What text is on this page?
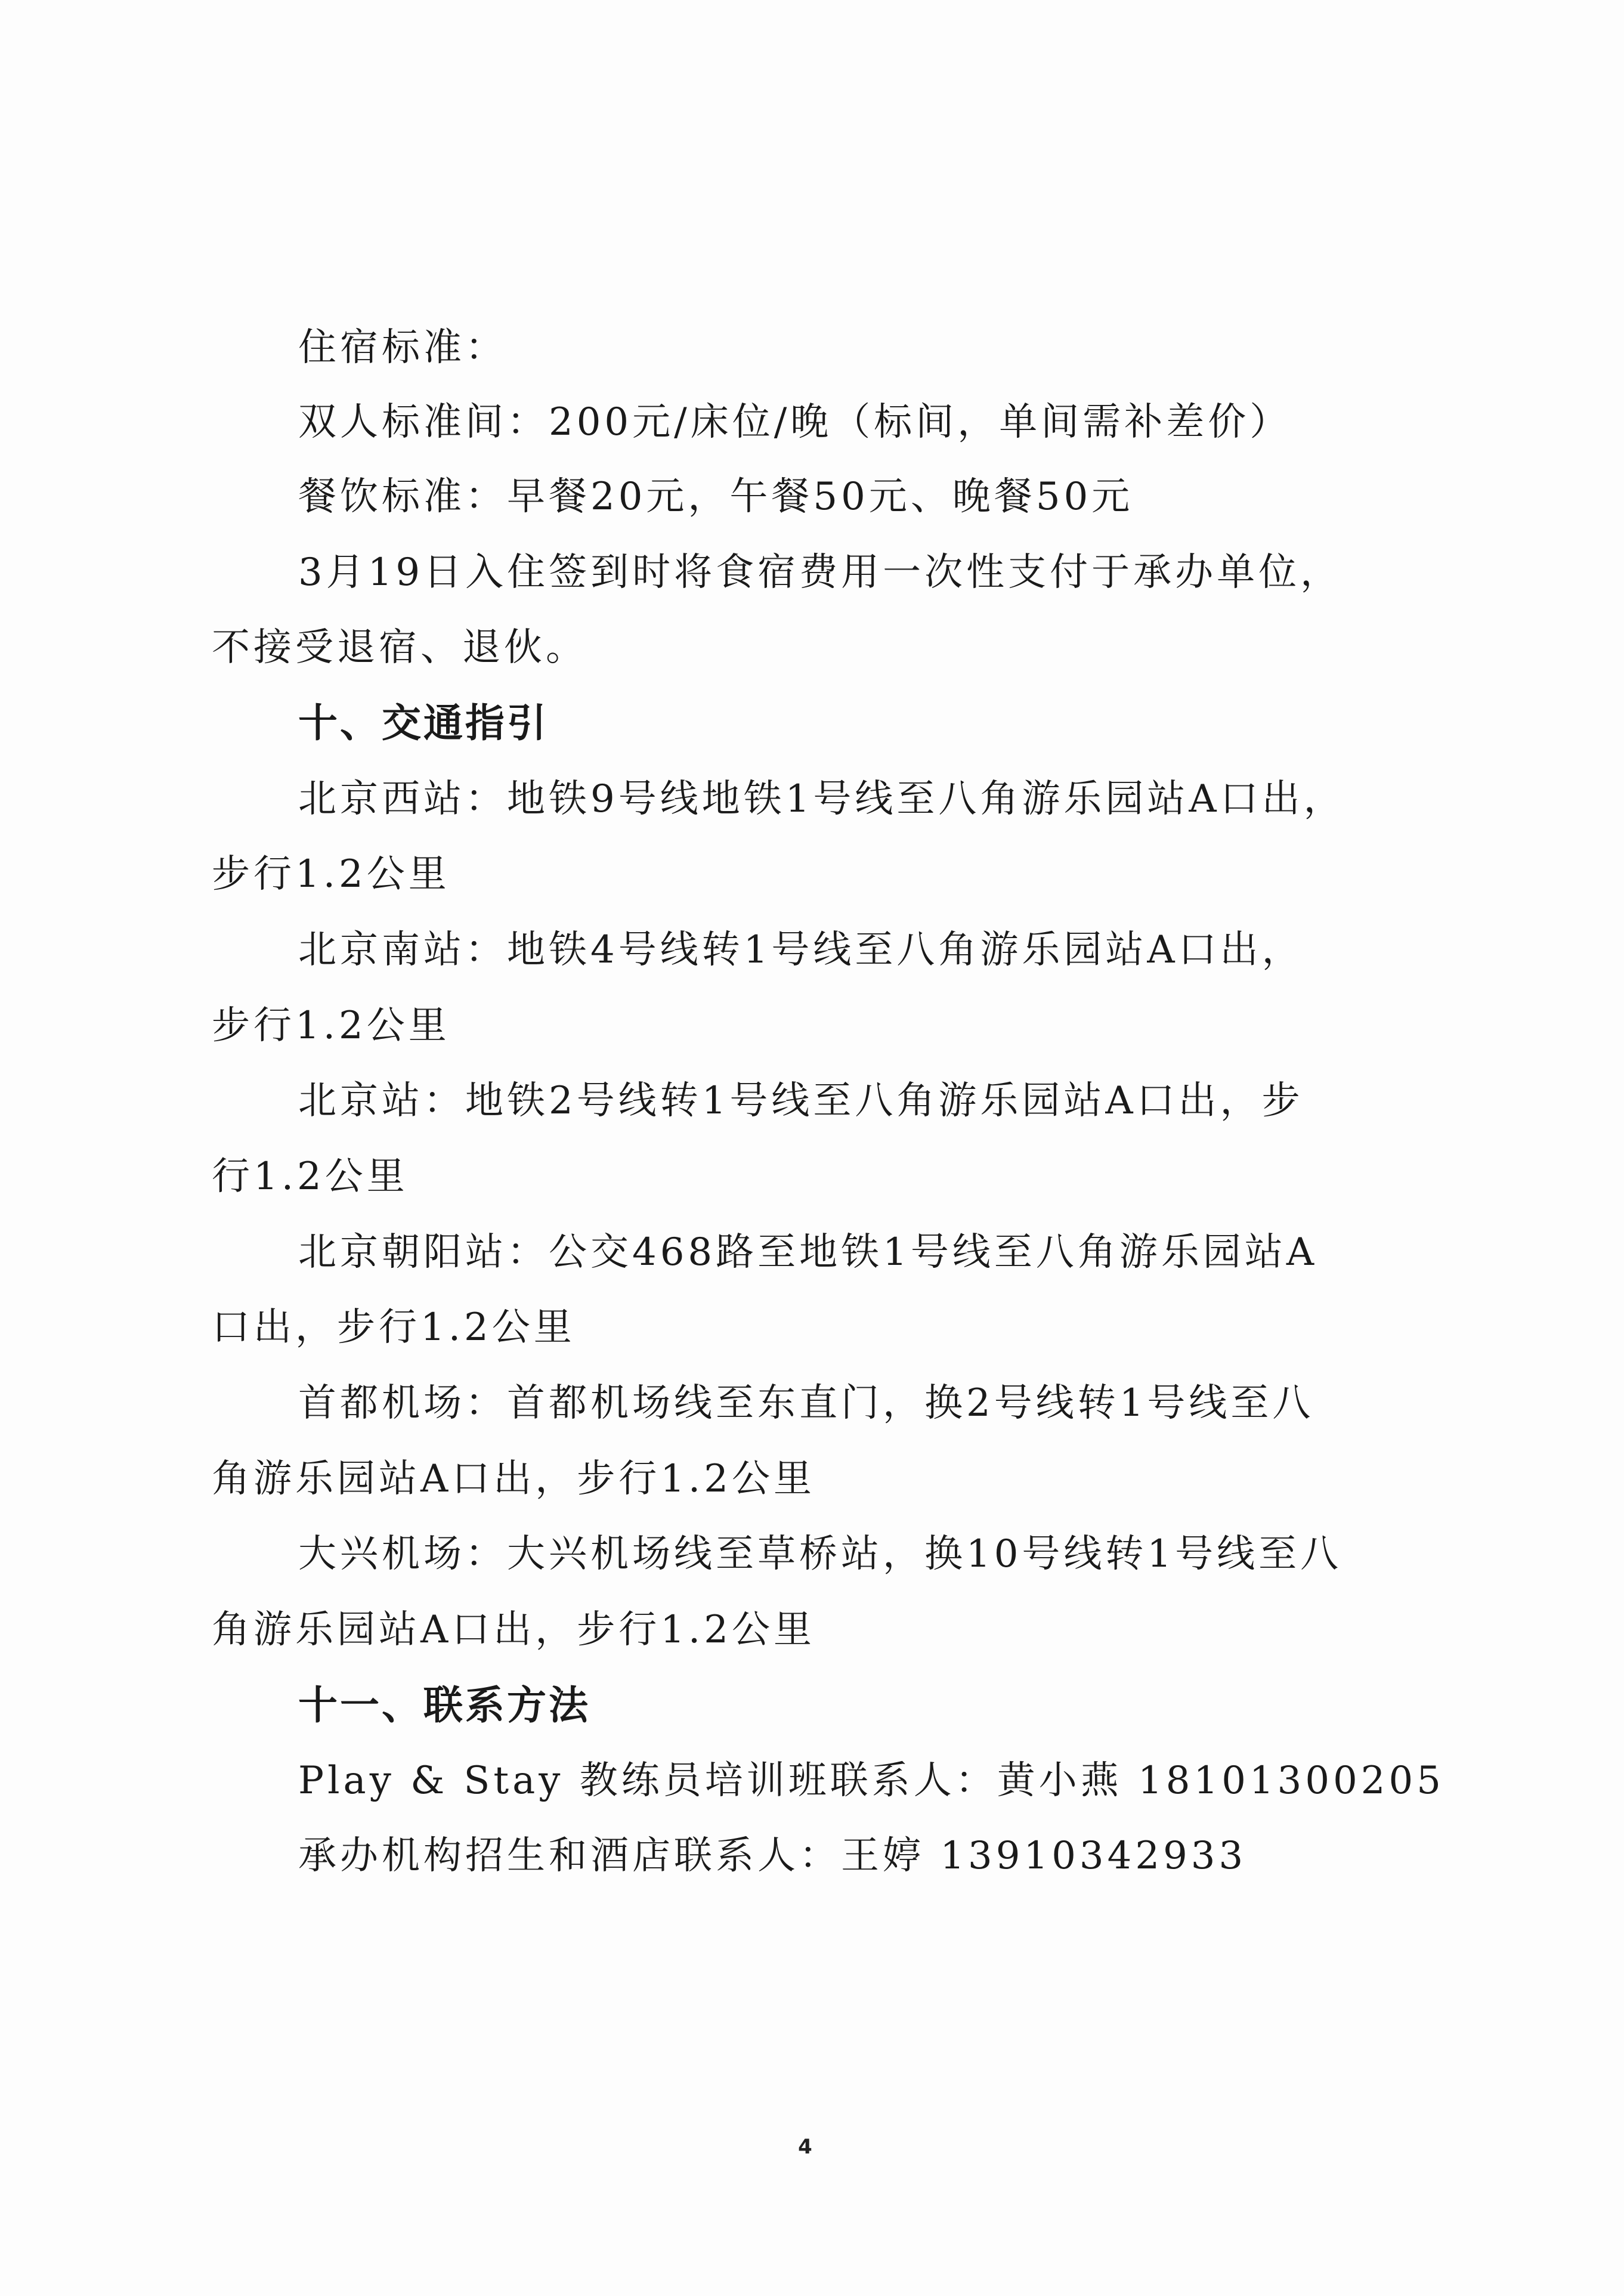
住宿标准：
双人标准间：200元/床位/晚（标间，单间需补差价）
餐饮标准：早餐20元，午餐50元、晚餐50元
3月19日入住签到时将食宿费用一次性支付于承办单位，
不接受退宿、退伙。
十、交通指引
北京西站：地铁9号线地铁1号线至八角游乐园站A口出，
步行1.2公里
北京南站：地铁4号线转1号线至八角游乐园站A口出，
步行1.2公里
北京站：地铁2号线转1号线至八角游乐园站A口出，步
行1.2公里
北京朝阳站：公交468路至地铁1号线至八角游乐园站A
口出，步行1.2公里
首都机场：首都机场线至东直门，换2号线转1号线至八
角游乐园站A口出，步行1.2公里
大兴机场：大兴机场线至草桥站，换10号线转1号线至八
角游乐园站A口出，步行1.2公里
十一、联系方法
Play & Stay 教练员培训班联系人：黄小燕 18101300205
承办机构招生和酒店联系人：王婷 13910342933
4
